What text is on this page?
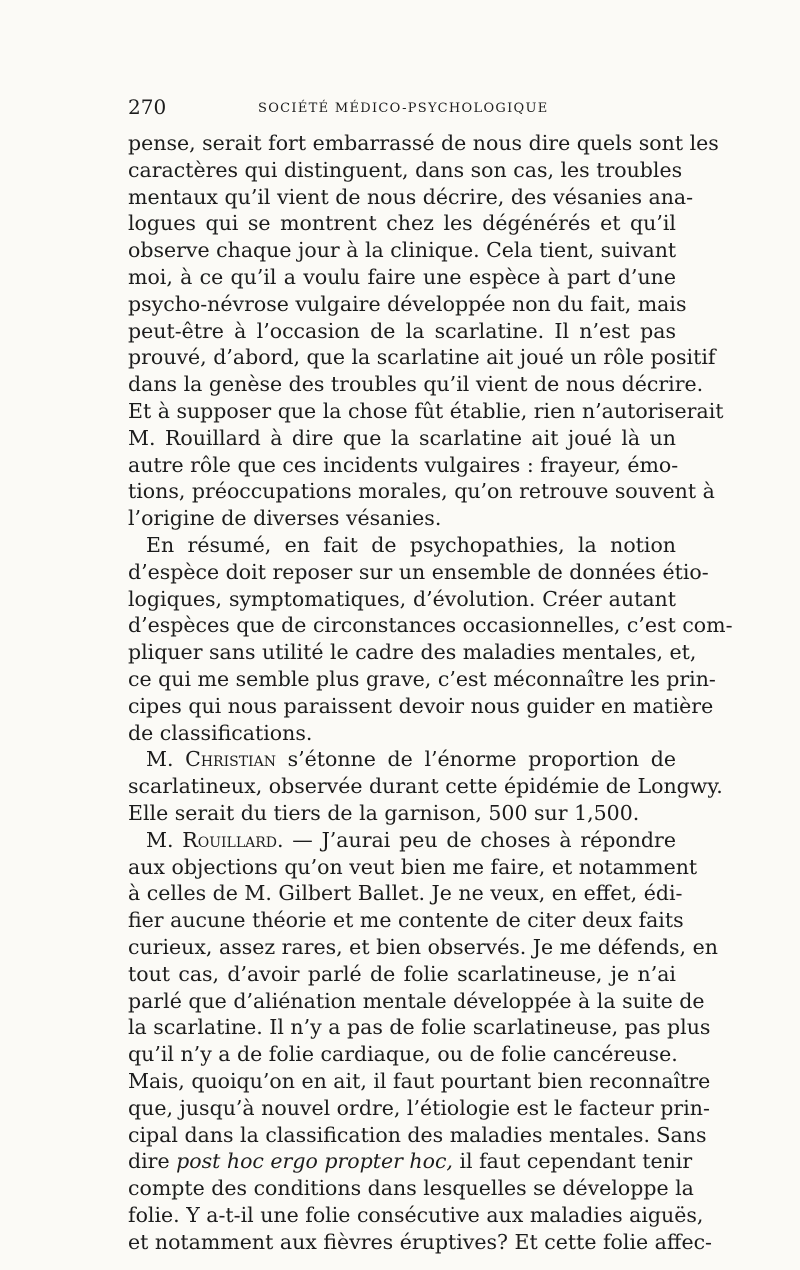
270	SOCIÉTÉ MÉDICO-PSYCHOLOGIQUE
pense, serait fort embarrassé de nous dire quels sont les
caractères qui distinguent, dans son cas, les troubles
mentaux qu’il vient de nous décrire, des vésanies ana-
logues qui se montrent chez les dégénérés et qu’il
observe chaque jour à la clinique. Cela tient, suivant
moi, à ce qu’il a voulu faire une espèce à part d’une
psycho-névrose vulgaire développée non du fait, mais
peut-être à l’occasion de la scarlatine. Il n’est pas
prouvé, d’abord, que la scarlatine ait joué un rôle positif
dans la genèse des troubles qu’il vient de nous décrire.
Et à supposer que la chose fût établie, rien n’autoriserait
M. Rouillard à dire que la scarlatine ait joué là un
autre rôle que ces incidents vulgaires : frayeur, émo-
tions, préoccupations morales, qu’on retrouve souvent à
l’origine de diverses vésanies.
En résumé, en fait de psychopathies, la notion
d’espèce doit reposer sur un ensemble de données étio-
logiques, symptomatiques, d’évolution. Créer autant
d’espèces que de circonstances occasionnelles, c’est com-
pliquer sans utilité le cadre des maladies mentales, et,
ce qui me semble plus grave, c’est méconnaître les prin-
cipes qui nous paraissent devoir nous guider en matière
de classifications.
M. Christian s’étonne de l’énorme proportion de
scarlatineux, observée durant cette épidémie de Longwy.
Elle serait du tiers de la garnison, 500 sur 1,500.
M. Rouillard. — J’aurai peu de choses à répondre
aux objections qu’on veut bien me faire, et notamment
à celles de M. Gilbert Ballet. Je ne veux, en effet, édi-
fier aucune théorie et me contente de citer deux faits
curieux, assez rares, et bien observés. Je me défends, en
tout cas, d’avoir parlé de folie scarlatineuse, je n’ai
parlé que d’aliénation mentale développée à la suite de
la scarlatine. Il n’y a pas de folie scarlatineuse, pas plus
qu’il n’y a de folie cardiaque, ou de folie cancéreuse.
Mais, quoiqu’on en ait, il faut pourtant bien reconnaître
que, jusqu’à nouvel ordre, l’étiologie est le facteur prin-
cipal dans la classification des maladies mentales. Sans
dire post hoc ergo propter hoc, il faut cependant tenir
compte des conditions dans lesquelles se développe la
folie. Y a-t-il une folie consécutive aux maladies aiguës,
et notamment aux fièvres éruptives? Et cette folie affec-
